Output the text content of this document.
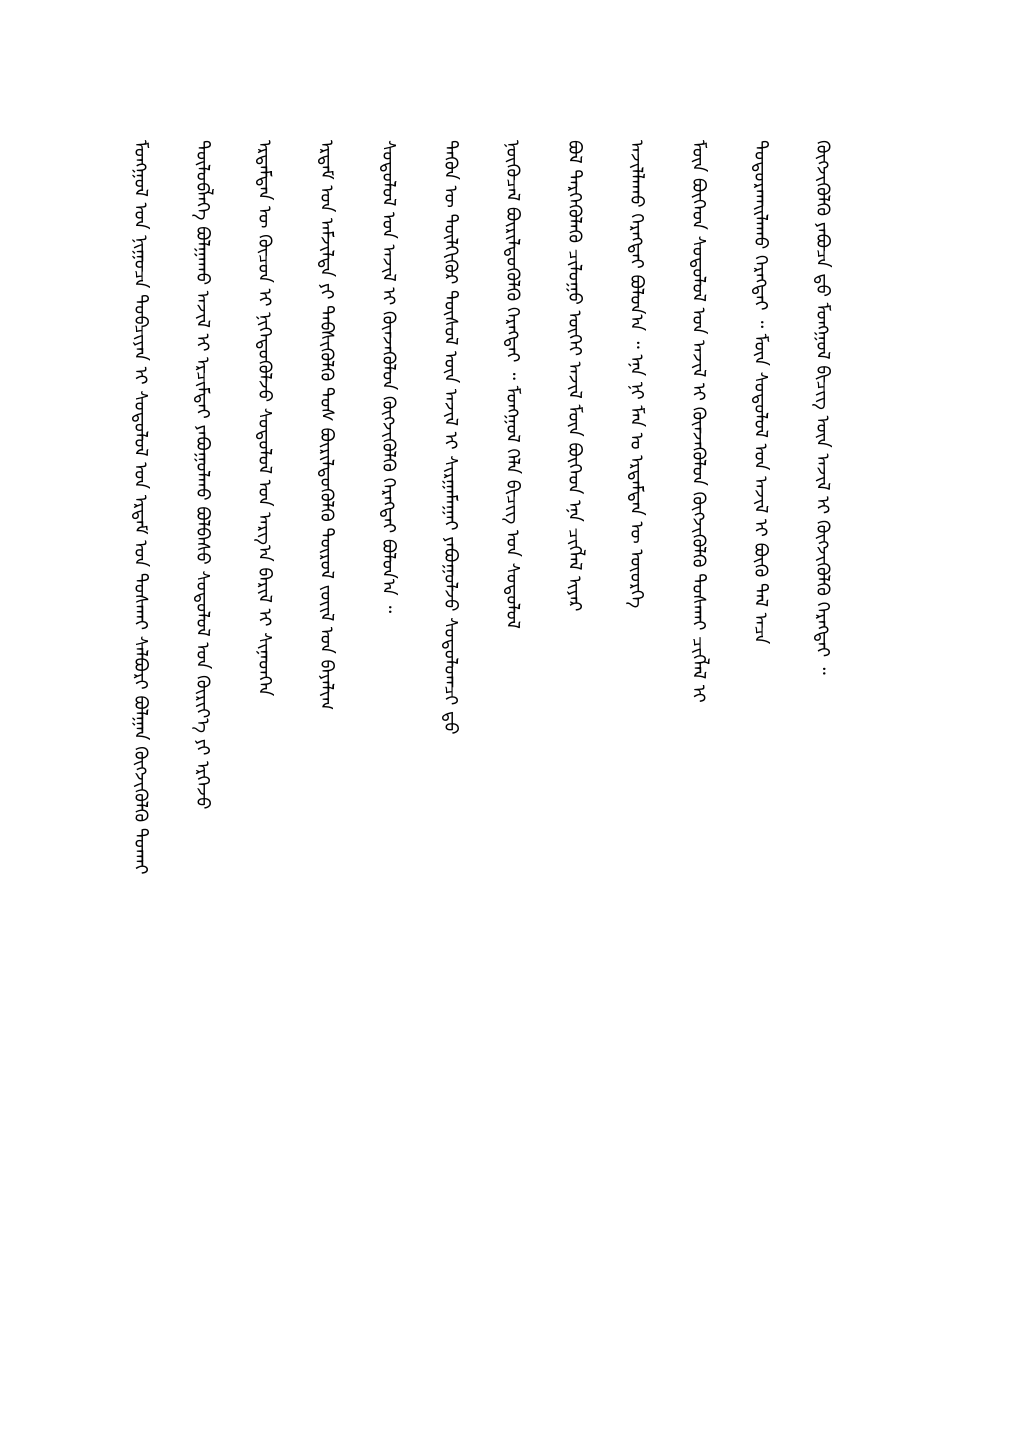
ᠮᠣᠩᠭᠣᠯ ᠤᠨ ᠨᠢᠭᠤᠴᠠ ᠲᠣᠪᠴᠢᠶᠠᠨ ᠢ ᠰᠤᠳᠤᠯᠤᠯ ᠤᠨ ᠡᠷᠳᠡᠮ ᠤᠨ ᠲᠤᠰᠬᠠᠢ ᠰᠠᠯᠪᠤᠷᠢ ᠪᠣᠯᠭᠠᠨ ᠬᠥᠭᠵᠢᠭᠦᠯᠬᠦ ᠲᠤᠬᠠᠢ	ᠲᠥᠯᠦᠪᠯᠡᠭᠡ ᠪᠣᠯᠭᠠᠬᠤ ᠠᠵᠢᠯ ᠢ ᠡᠷᠴᠢᠮᠲᠡᠢ ᠶᠠᠪᠤᠭᠤᠯᠬᠤ ᠪᠣᠯᠪᠠᠰᠤ ᠰᠤᠳᠤᠯᠤᠯ ᠤᠨ ᠬᠦᠷᠢᠶ᠎ᠡ ᠶᠢ ᠡᠷᠭᠡᠵᠦ	ᠡᠷᠳᠡᠮᠲᠡᠨ ᠦ ᠬᠦᠴᠦᠨ ᠢ ᠨᠢᠭᠡᠳᠦᠭᠦᠯᠵᠦ ᠰᠤᠳᠤᠯᠤᠯ ᠤᠨ ᠠᠷᠭ᠎ᠠ ᠪᠠᠷᠢᠯ ᠢ ᠰᠢᠨᠡᠳᠭᠡᠨ	ᠡᠷᠳᠡᠮ ᠤᠨ ᠠᠮᠵᠢᠯᠲᠠ ᠶᠢ ᠳᠡᠪᠰᠢᠭᠦᠯᠬᠦ ᠲᠤᠰ ᠪᠦᠷᠢᠯᠳᠦᠭᠦᠯᠬᠦ ᠲᠦᠷᠦᠯ ᠵᠦᠢᠯ ᠤᠨ ᠪᠠᠶᠠᠯᠢᠭ	ᠰᠤᠳᠤᠯᠤᠯ ᠤᠨ ᠠᠵᠢᠯ ᠢ ᠭᠦᠨᠵᠡᠭᠦᠯᠦᠨ ᠬᠥᠭᠵᠢᠭᠦᠯᠬᠦ ᠬᠡᠷᠡᠭᠲᠡᠢ ᠪᠣᠯᠤᠨ᠎ᠠ ᠃	ᠲᠡᠭᠦᠨ ᠦ ᠲᠦᠯᠬᠢᠭᠦᠷ ᠲᠥᠰᠥᠯ ᠦᠨ ᠠᠵᠢᠯ ᠢ ᠰᠢᠷᠭᠠᠮᠠᠭᠠᠢ ᠶᠠᠪᠤᠭᠤᠯᠵᠤ ᠰᠤᠳᠤᠯᠤᠭᠴᠢ ᠳ᠋ᠦ	ᠨᠥᠬᠥᠴᠡᠯ ᠪᠦᠷᠢᠯᠳᠦᠭᠦᠯᠬᠦ ᠬᠡᠷᠡᠭᠲᠡᠢ ᠃ ᠮᠣᠩᠭᠣᠯ ᠬᠡᠯᠡ ᠪᠢᠴᠢᠭ ᠤᠨ ᠰᠤᠳᠤᠯᠤᠯ	ᠪᠣᠯ ᠲᠡᠷᠭᠡᠭᠦᠯᠡᠬᠦ ᠴᠢᠯᠤᠭᠤ ᠦᠭᠡᠢ ᠠᠵᠢᠯ ᠮᠥᠨ ᠪᠥᠭᠡᠳ ᠡᠨᠡ ᠴᠢᠭᠯᠡᠯ ᠢᠶᠡᠷ	ᠠᠵᠢᠯᠯᠠᠬᠤ ᠬᠡᠷᠡᠭᠲᠡᠢ ᠪᠣᠯᠤᠨ᠎ᠠ ᠃ ᠡᠨᠡ ᠨᠢ ᠮᠠᠨ ᠤ ᠡᠷᠳᠡᠮᠲᠡᠨ ᠦ ᠦᠦᠷᠭᠡ	ᠮᠥᠨ ᠪᠥᠭᠡᠳ ᠰᠤᠳᠤᠯᠤᠯ ᠤᠨ ᠠᠵᠢᠯ ᠢ ᠭᠦᠨᠵᠡᠭᠦᠯᠦᠨ ᠬᠥᠭᠵᠢᠭᠦᠯᠬᠦ ᠲᠤᠰᠬᠠᠢ ᠴᠢᠭᠯᠡᠯ ᠢ	ᠲᠣᠳᠤᠷᠬᠠᠢᠯᠠᠬᠤ ᠬᠡᠷᠡᠭᠲᠡᠢ ᠃ ᠮᠥᠨ ᠰᠤᠳᠤᠯᠤᠯ ᠤᠨ ᠠᠵᠢᠯ ᠢ ᠪᠦᠬᠦ ᠲᠠᠯ ᠠᠴᠠ	ᠬᠥᠭᠵᠢᠭᠦᠯᠬᠦ ᠶᠠᠪᠤᠴᠠ ᠳ᠋ᠤ ᠮᠣᠩᠭᠣᠯ ᠪᠢᠴᠢᠭ ᠦᠨ ᠠᠵᠢᠯ ᠢ ᠬᠥᠭᠵᠢᠭᠦᠯᠬᠦ ᠬᠡᠷᠡᠭᠲᠡᠢ ᠃
